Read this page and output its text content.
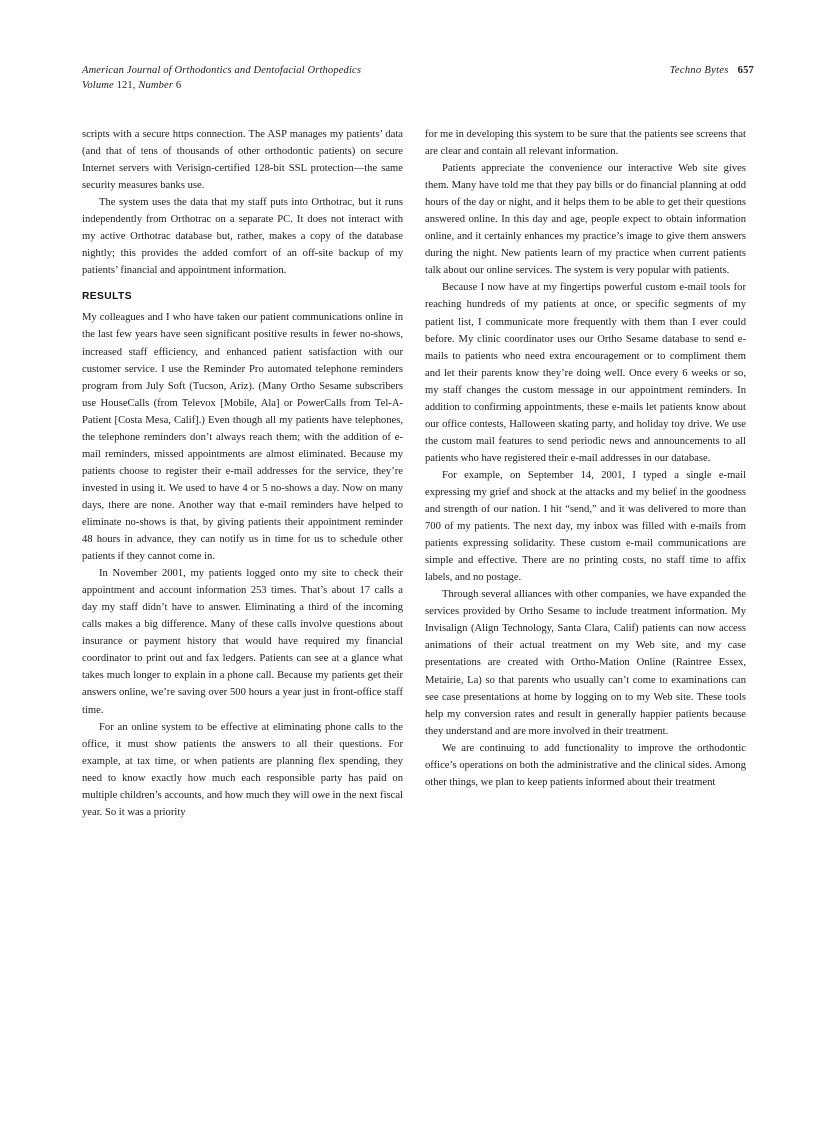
American Journal of Orthodontics and Dentofacial Orthopedics
Volume 121, Number 6
Techno Bytes 657

scripts with a secure https connection. The ASP manages my patients’ data (and that of tens of thousands of other orthodontic patients) on secure Internet servers with Verisign-certified 128-bit SSL protection—the same security measures banks use.

The system uses the data that my staff puts into Orthotrac, but it runs independently from Orthotrac on a separate PC. It does not interact with my active Orthotrac database but, rather, makes a copy of the database nightly; this provides the added comfort of an off-site backup of my patients’ financial and appointment information.

RESULTS

My colleagues and I who have taken our patient communications online in the last few years have seen significant positive results in fewer no-shows, increased staff efficiency, and enhanced patient satisfaction with our customer service. I use the Reminder Pro automated telephone reminders program from July Soft (Tucson, Ariz). (Many Ortho Sesame subscribers use HouseCalls (from Televox [Mobile, Ala] or PowerCalls from Tel-A-Patient [Costa Mesa, Calif].) Even though all my patients have telephones, the telephone reminders don’t always reach them; with the addition of e-mail reminders, missed appointments are almost eliminated. Because my patients choose to register their e-mail addresses for the service, they’re invested in using it. We used to have 4 or 5 no-shows a day. Now on many days, there are none. Another way that e-mail reminders have helped to eliminate no-shows is that, by giving patients their appointment reminder 48 hours in advance, they can notify us in time for us to schedule other patients if they cannot come in.

In November 2001, my patients logged onto my site to check their appointment and account information 253 times. That’s about 17 calls a day my staff didn’t have to answer. Eliminating a third of the incoming calls makes a big difference. Many of these calls involve questions about insurance or payment history that would have required my financial coordinator to print out and fax ledgers. Patients can see at a glance what takes much longer to explain in a phone call. Because my patients get their answers online, we’re saving over 500 hours a year just in front-office staff time.

For an online system to be effective at eliminating phone calls to the office, it must show patients the answers to all their questions. For example, at tax time, or when patients are planning flex spending, they need to know exactly how much each responsible party has paid on multiple children’s accounts, and how much they will owe in the next fiscal year. So it was a priority

for me in developing this system to be sure that the patients see screens that are clear and contain all relevant information.

Patients appreciate the convenience our interactive Web site gives them. Many have told me that they pay bills or do financial planning at odd hours of the day or night, and it helps them to be able to get their questions answered online. In this day and age, people expect to obtain information online, and it certainly enhances my practice’s image to give them answers during the night. New patients learn of my practice when current patients talk about our online services. The system is very popular with patients.

Because I now have at my fingertips powerful custom e-mail tools for reaching hundreds of my patients at once, or specific segments of my patient list, I communicate more frequently with them than I ever could before. My clinic coordinator uses our Ortho Sesame database to send e-mails to patients who need extra encouragement or to compliment them and let their parents know they’re doing well. Once every 6 weeks or so, my staff changes the custom message in our appointment reminders. In addition to confirming appointments, these e-mails let patients know about our office contests, Halloween skating party, and holiday toy drive. We use the custom mail features to send periodic news and announcements to all patients who have registered their e-mail addresses in our database.

For example, on September 14, 2001, I typed a single e-mail expressing my grief and shock at the attacks and my belief in the goodness and strength of our nation. I hit “send,” and it was delivered to more than 700 of my patients. The next day, my inbox was filled with e-mails from patients expressing solidarity. These custom e-mail communications are simple and effective. There are no printing costs, no staff time to affix labels, and no postage.

Through several alliances with other companies, we have expanded the services provided by Ortho Sesame to include treatment information. My Invisalign (Align Technology, Santa Clara, Calif) patients can now access animations of their actual treatment on my Web site, and my case presentations are created with Ortho-Mation Online (Raintree Essex, Metairie, La) so that parents who usually can’t come to examinations can see case presentations at home by logging on to my Web site. These tools help my conversion rates and result in generally happier patients because they understand and are more involved in their treatment.

We are continuing to add functionality to improve the orthodontic office’s operations on both the administrative and the clinical sides. Among other things, we plan to keep patients informed about their treatment
